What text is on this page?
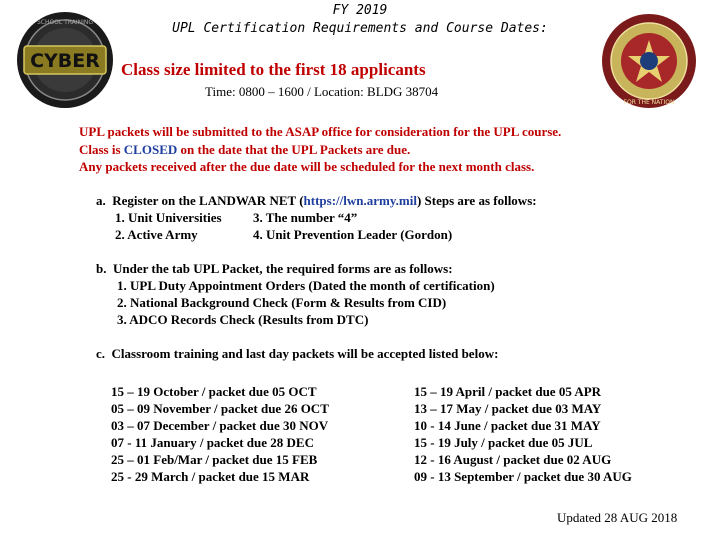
FY 2019
UPL Certification Requirements and Course Dates:
CYBER
SCHOOL TRAINING
FOR THE NATION
Class size limited to the first 18 applicants
Time: 0800 – 1600 / Location: BLDG 38704
UPL packets will be submitted to the ASAP office for consideration for the UPL course.
Class is CLOSED on the date that the UPL Packets are due.
Any packets received after the due date will be scheduled for the next month class.
a. Register on the LANDWAR NET (https://lwn.army.mil) Steps are as follows:
1. Unit Universities 3. The number “4”
2. Active Army	4. Unit Prevention Leader (Gordon)
b. Under the tab UPL Packet, the required forms are as follows:
1. UPL Duty Appointment Orders (Dated the month of certification)
2. National Background Check (Form & Results from CID)
3. ADCO Records Check (Results from DTC)
c. Classroom training and last day packets will be accepted listed below:
15 – 19 October / packet due 05 OCT
05 – 09 November / packet due 26 OCT
03 – 07 December / packet due 30 NOV
07 - 11 January / packet due 28 DEC
25 – 01 Feb/Mar / packet due 15 FEB
25 - 29 March / packet due 15 MAR
15 – 19 April / packet due 05 APR
13 – 17 May / packet due 03 MAY
10 - 14 June / packet due 31 MAY
15 - 19 July / packet due 05 JUL
12 - 16 August / packet due 02 AUG
09 - 13 September / packet due 30 AUG
Updated 28 AUG 2018
